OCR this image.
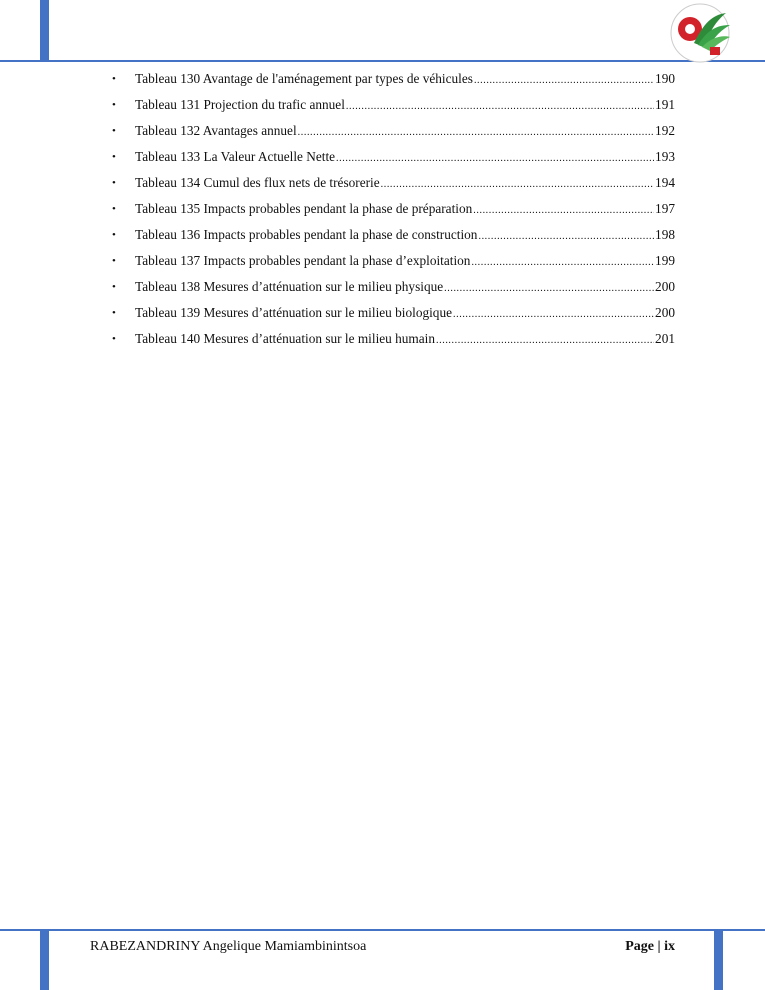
• Tableau 130 Avantage de l'aménagement par types de véhicules .....	190
• Tableau 131 Projection du trafic annuel .....	191
• Tableau 132 Avantages annuel .....	192
• Tableau 133 La Valeur Actuelle Nette .....	193
• Tableau 134 Cumul des flux nets de trésorerie .....	194
• Tableau 135 Impacts probables pendant la phase de préparation .....	197
• Tableau 136 Impacts probables pendant la phase de construction .....	198
• Tableau 137 Impacts probables pendant la phase d’exploitation .....	199
• Tableau 138 Mesures d’atténuation sur le milieu physique .....	200
• Tableau 139 Mesures d’atténuation sur le milieu biologique .....	200
• Tableau 140 Mesures d’atténuation sur le milieu humain .....	201
RABEZANDRINY Angelique Mamiambinintsoa	Page | ix
